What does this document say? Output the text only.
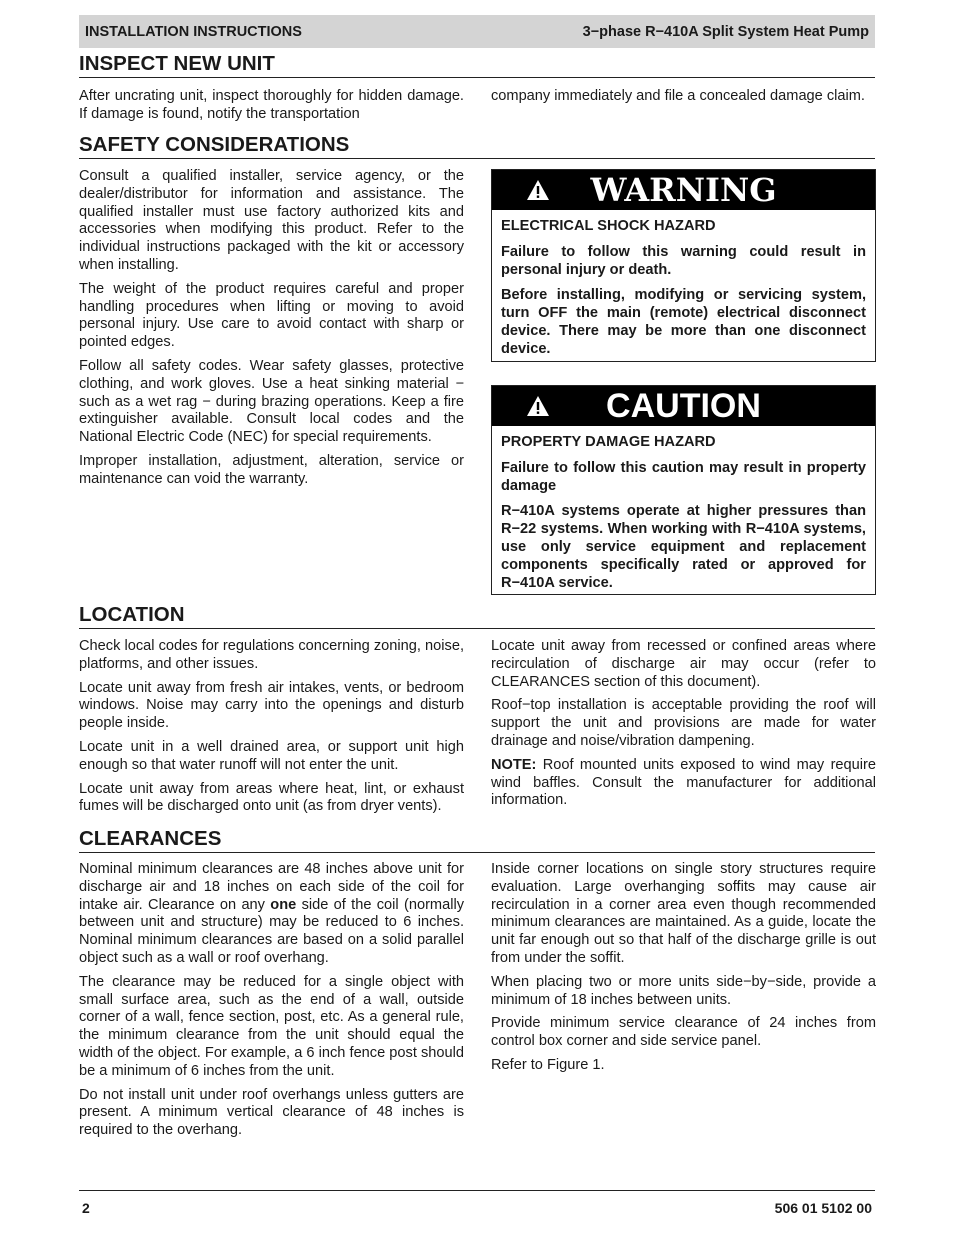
INSTALLATION INSTRUCTIONS	3−phase R−410A Split System Heat Pump
INSPECT NEW UNIT

After uncrating unit, inspect thoroughly for hidden damage. If damage is found, notify the transportation

company immediately and file a concealed damage claim.

SAFETY CONSIDERATIONS

Consult a qualified installer, service agency, or the dealer/distributor for information and assistance. The qualified installer must use factory authorized kits and accessories when modifying this product. Refer to the individual instructions packaged with the kit or accessory when installing.

The weight of the product requires careful and proper handling procedures when lifting or moving to avoid personal injury. Use care to avoid contact with sharp or pointed edges.

Follow all safety codes. Wear safety glasses, protective clothing, and work gloves. Use a heat sinking material − such as a wet rag − during brazing operations. Keep a fire extinguisher available. Consult local codes and the National Electric Code (NEC) for special requirements.

Improper installation, adjustment, alteration, service or maintenance can void the warranty.

WARNING

ELECTRICAL SHOCK HAZARD

Failure to follow this warning could result in personal injury or death.

Before installing, modifying or servicing system, turn OFF the main (remote) electrical disconnect device. There may be more than one disconnect device.

CAUTION

PROPERTY DAMAGE HAZARD

Failure to follow this caution may result in property damage

R−410A systems operate at higher pressures than R−22 systems. When working with R−410A systems, use only service equipment and replacement components specifically rated or approved for R−410A service.

LOCATION

Check local codes for regulations concerning zoning, noise, platforms, and other issues.

Locate unit away from fresh air intakes, vents, or bedroom windows. Noise may carry into the openings and disturb people inside.

Locate unit in a well drained area, or support unit high enough so that water runoff will not enter the unit.

Locate unit away from areas where heat, lint, or exhaust fumes will be discharged onto unit (as from dryer vents).

Locate unit away from recessed or confined areas where recirculation of discharge air may occur (refer to CLEARANCES section of this document).

Roof−top installation is acceptable providing the roof will support the unit and provisions are made for water drainage and noise/vibration dampening.

NOTE: Roof mounted units exposed to wind may require wind baffles. Consult the manufacturer for additional information.

CLEARANCES

Nominal minimum clearances are 48 inches above unit for discharge air and 18 inches on each side of the coil for intake air. Clearance on any one side of the coil (normally between unit and structure) may be reduced to 6 inches. Nominal minimum clearances are based on a solid parallel object such as a wall or roof overhang.

The clearance may be reduced for a single object with small surface area, such as the end of a wall, outside corner of a wall, fence section, post, etc. As a general rule, the minimum clearance from the unit should equal the width of the object. For example, a 6 inch fence post should be a minimum of 6 inches from the unit.

Do not install unit under roof overhangs unless gutters are present. A minimum vertical clearance of 48 inches is required to the overhang.

Inside corner locations on single story structures require evaluation. Large overhanging soffits may cause air recirculation in a corner area even though recommended minimum clearances are maintained. As a guide, locate the unit far enough out so that half of the discharge grille is out from under the soffit.

When placing two or more units side−by−side, provide a minimum of 18 inches between units.

Provide minimum service clearance of 24 inches from control box corner and side service panel.

Refer to Figure 1.

2	506 01 5102 00
